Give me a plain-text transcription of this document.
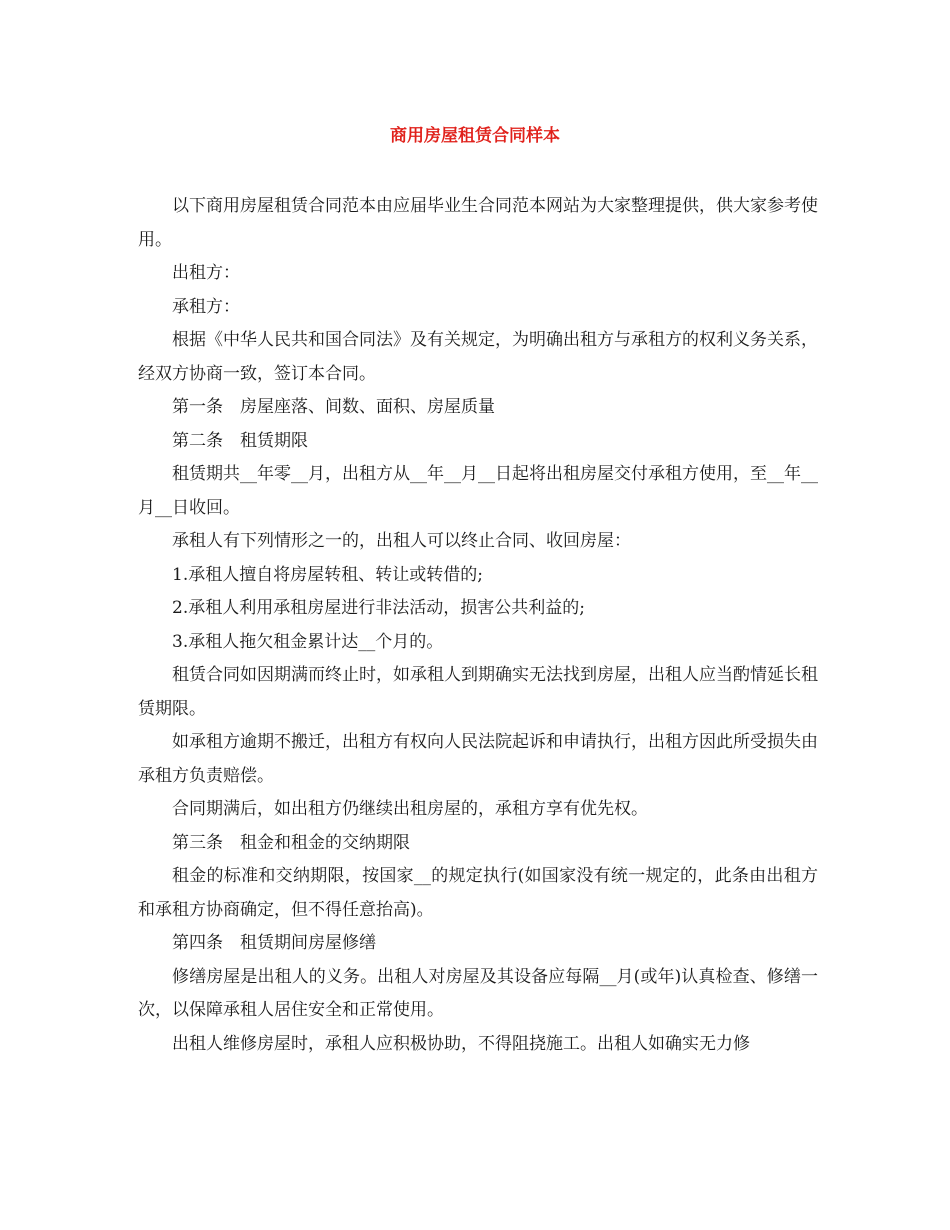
商用房屋租赁合同样本

以下商用房屋租赁合同范本由应届毕业生合同范本网站为大家整理提供，供大家参考使用。

出租方：

承租方：

根据《中华人民共和国合同法》及有关规定，为明确出租方与承租方的权利义务关系，经双方协商一致，签订本合同。

第一条　房屋座落、间数、面积、房屋质量

第二条　租赁期限

租赁期共__年零__月，出租方从__年__月__日起将出租房屋交付承租方使用，至__年__月__日收回。

承租人有下列情形之一的，出租人可以终止合同、收回房屋：

1.承租人擅自将房屋转租、转让或转借的;

2.承租人利用承租房屋进行非法活动，损害公共利益的;

3.承租人拖欠租金累计达__个月的。

租赁合同如因期满而终止时，如承租人到期确实无法找到房屋，出租人应当酌情延长租赁期限。

如承租方逾期不搬迁，出租方有权向人民法院起诉和申请执行，出租方因此所受损失由承租方负责赔偿。

合同期满后，如出租方仍继续出租房屋的，承租方享有优先权。

第三条　租金和租金的交纳期限

租金的标准和交纳期限，按国家__的规定执行(如国家没有统一规定的，此条由出租方和承租方协商确定，但不得任意抬高)。

第四条　租赁期间房屋修缮

修缮房屋是出租人的义务。出租人对房屋及其设备应每隔__月(或年)认真检查、修缮一次，以保障承租人居住安全和正常使用。

出租人维修房屋时，承租人应积极协助，不得阻挠施工。出租人如确实无力修
